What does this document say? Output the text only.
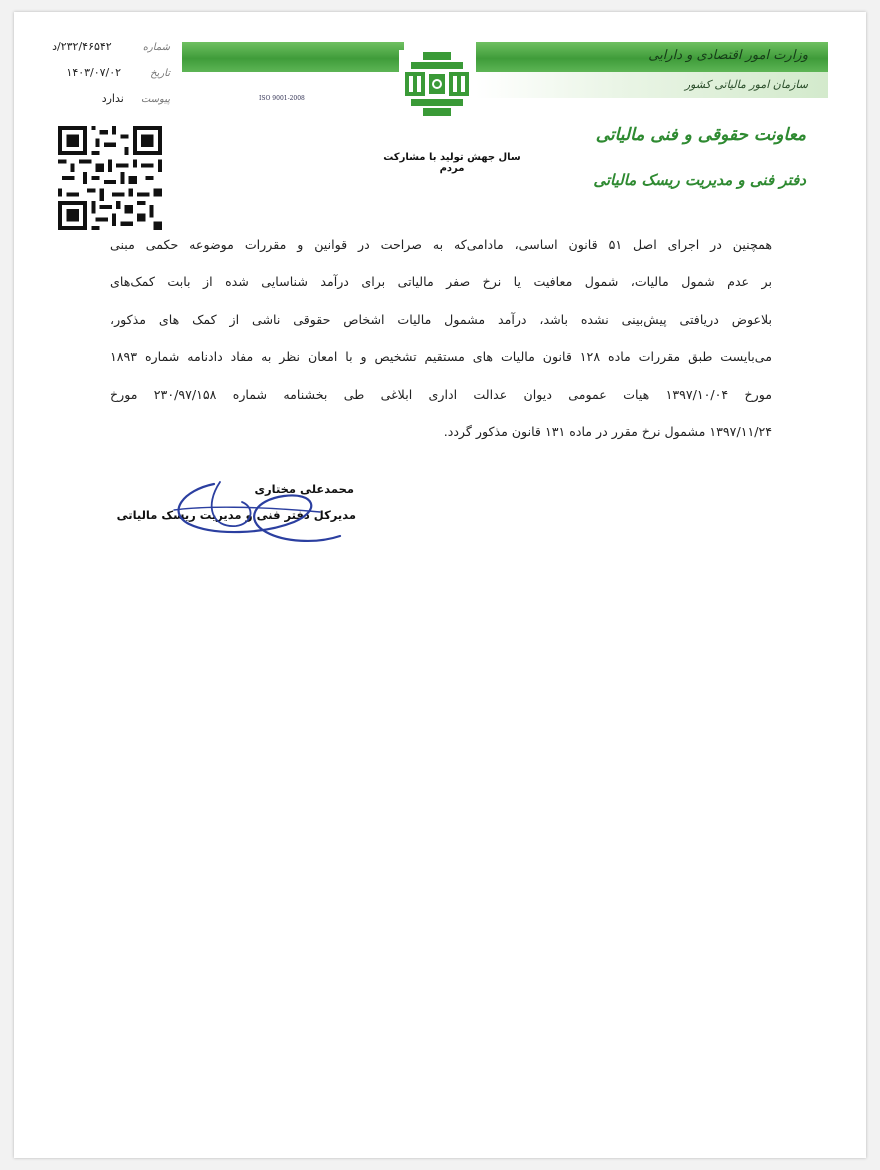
ISO 9001-2008
وزارت امور اقتصادی و دارایی
سازمان امور مالیاتی کشور
معاونت حقوقی و فنی مالیاتی
دفتر فنی و مدیریت ریسک مالیاتی
سال جهش تولید با مشارکت مردم
شماره  ۲۳۲/۴۶۵۴۲/د
تاریخ  ۱۴۰۳/۰۷/۰۲
پیوست  ندارد

همچنین در اجرای اصل ۵۱ قانون اساسی، مادامی‌که به صراحت در قوانین و مقررات موضوعه حکمی مبنی

بر عدم شمول مالیات، شمول معافیت یا نرخ صفر مالیاتی برای درآمد شناسایی شده از بابت کمک‌های

بلاعوض دریافتی پیش‌بینی نشده باشد، درآمد مشمول مالیات اشخاص حقوقی ناشی از کمک های مذکور،

می‌بایست طبق مقررات ماده ۱۲۸ قانون مالیات های مستقیم تشخیص و با امعان نظر به مفاد دادنامه شماره ۱۸۹۳

مورخ ۱۳۹۷/۱۰/۰۴ هیات عمومی دیوان عدالت اداری ابلاغی طی بخشنامه شماره ۲۳۰/۹۷/۱۵۸ مورخ

۱۳۹۷/۱۱/۲۴ مشمول نرخ مقرر در ماده ۱۳۱ قانون مذکور گردد.

محمدعلی مختاری
مدیرکل دفتر فنی و مدیریت ریسک مالیاتی
